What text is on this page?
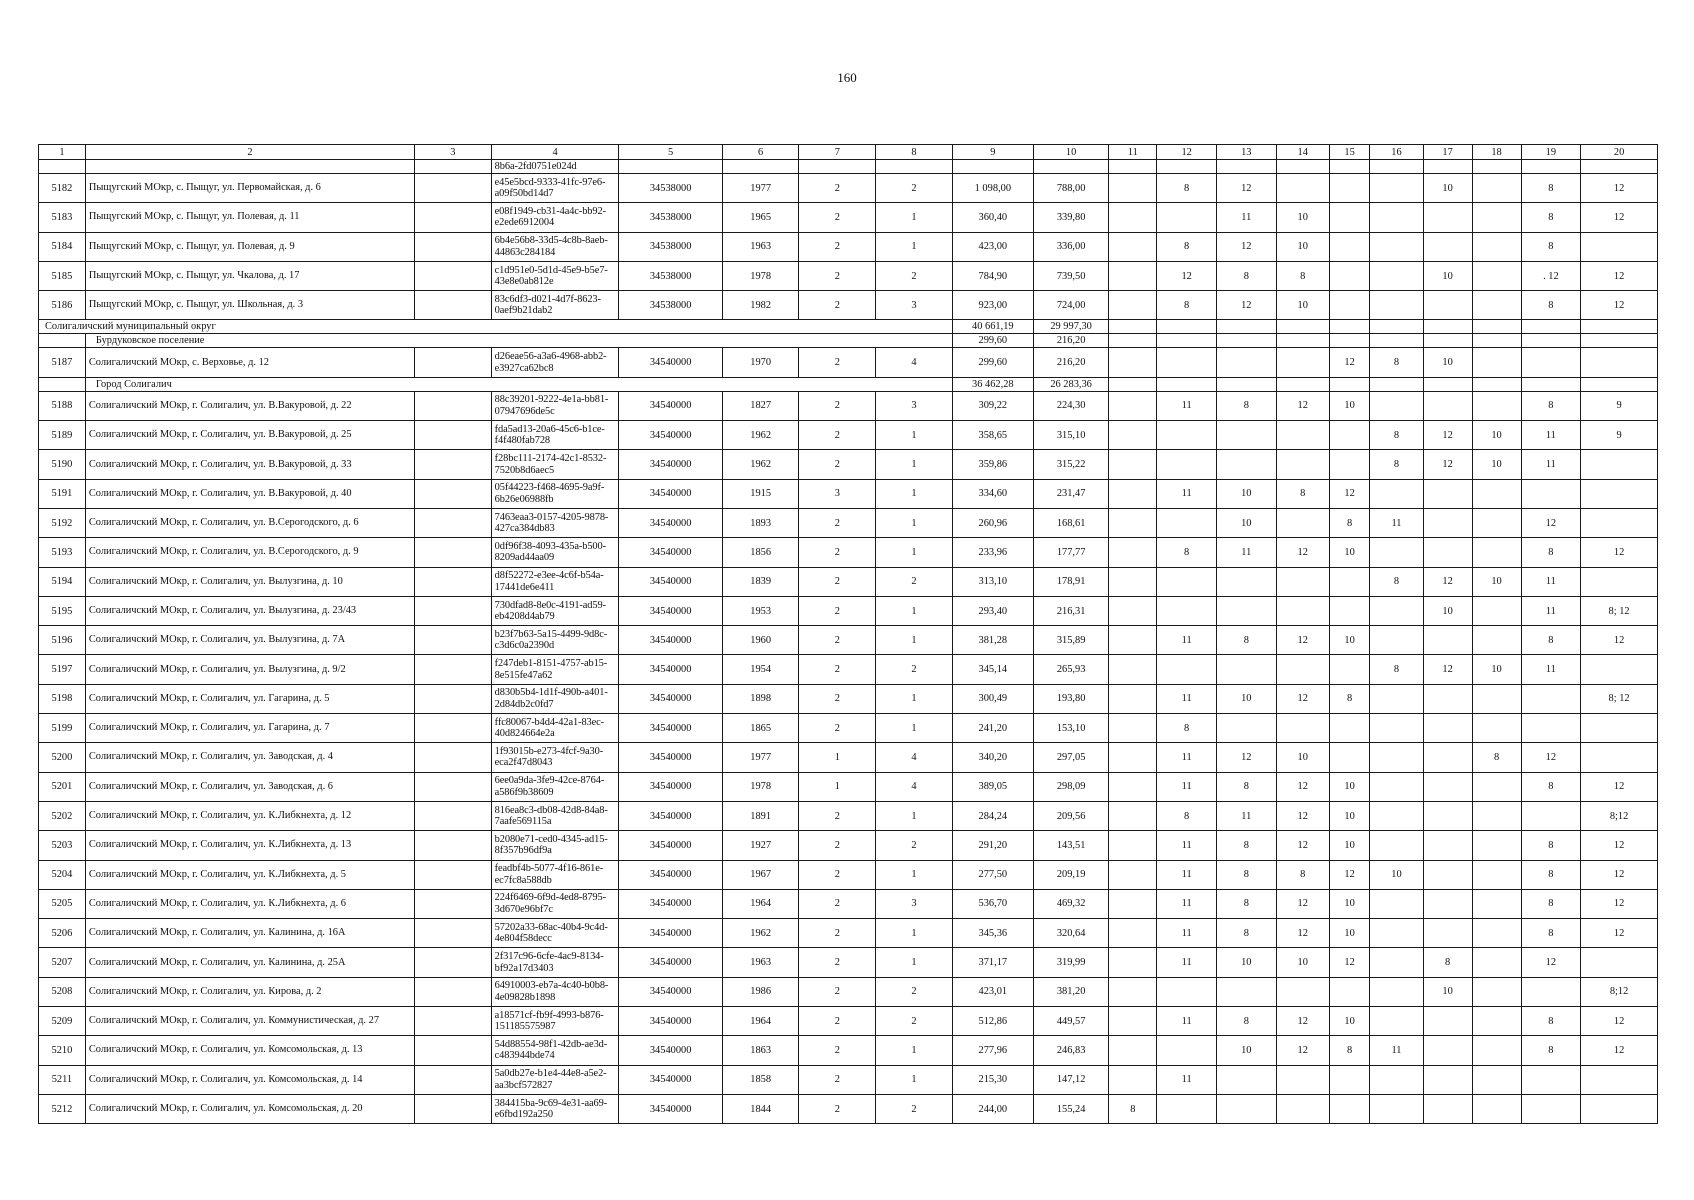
160
1	2	3	4	5	6	7	8	9	10	11	12	13	14	15	16	17	18	19	20
			8b6a-2fd0751e024d																
5182	Пыщугский МОкр, с. Пыщуг, ул. Первомайская, д. 6		e45e5bcd-9333-41fc-97e6-a09f50bd14d7	34538000	1977	2	2	1 098,00	788,00		8	12				10		8	12
5183	Пыщугский МОкр, с. Пыщуг, ул. Полевая, д. 11		e08f1949-cb31-4a4c-bb92-e2ede6912004	34538000	1965	2	1	360,40	339,80			11	10					8	12
5184	Пыщугский МОкр, с. Пыщуг, ул. Полевая, д. 9		6b4e56b8-33d5-4c8b-8aeb-44863c284184	34538000	1963	2	1	423,00	336,00		8	12	10					8	
5185	Пыщугский МОкр, с. Пыщуг, ул. Чкалова, д. 17		c1d951e0-5d1d-45e9-b5e7-43e8e0ab812e	34538000	1978	2	2	784,90	739,50		12	8	8			10		. 12	12
5186	Пыщугский МОкр, с. Пыщуг, ул. Школьная, д. 3		83c6df3-d021-4d7f-8623-0aef9b21dab2	34538000	1982	2	3	923,00	724,00		8	12	10					8	12
Солигаличский муниципальный округ								40 661,19	29 997,30										
	Бурдуковское поселение							299,60	216,20										
5187	Солигаличский МОкр, с. Верховье, д. 12		d26eae56-a3a6-4968-abb2-e3927ca62bc8	34540000	1970	2	4	299,60	216,20					12	8	10			
	Город Солигалич							36 462,28	26 283,36										
5188	Солигаличский МОкр, г. Солигалич, ул. В.Вакуровой, д. 22		88c39201-9222-4e1a-bb81-07947696de5c	34540000	1827	2	3	309,22	224,30		11	8	12	10				8	9
5189	Солигаличский МОкр, г. Солигалич, ул. В.Вакуровой, д. 25		fda5ad13-20a6-45c6-b1ce-f4f480fab728	34540000	1962	2	1	358,65	315,10						8	12	10	11	9
5190	Солигаличский МОкр, г. Солигалич, ул. В.Вакуровой, д. 33		f28bc111-2174-42c1-8532-7520b8d6aec5	34540000	1962	2	1	359,86	315,22						8	12	10	11	
5191	Солигаличский МОкр, г. Солигалич, ул. В.Вакуровой, д. 40		05f44223-f468-4695-9a9f-6b26e06988fb	34540000	1915	3	1	334,60	231,47		11	10	8	12					
5192	Солигаличский МОкр, г. Солигалич, ул. В.Серогодского, д. 6		7463eaa3-0157-4205-9878-427ca384db83	34540000	1893	2	1	260,96	168,61			10		8	11			12	
5193	Солигаличский МОкр, г. Солигалич, ул. В.Серогодского, д. 9		0df96f38-4093-435a-b500-8209ad44aa09	34540000	1856	2	1	233,96	177,77		8	11	12	10				8	12
5194	Солигаличский МОкр, г. Солигалич, ул. Вылузгина, д. 10		d8f52272-e3ee-4c6f-b54a-17441de6e411	34540000	1839	2	2	313,10	178,91						8	12	10	11	
5195	Солигаличский МОкр, г. Солигалич, ул. Вылузгина, д. 23/43		730dfad8-8e0c-4191-ad59-eb4208d4ab79	34540000	1953	2	1	293,40	216,31							10		11	8; 12
5196	Солигаличский МОкр, г. Солигалич, ул. Вылузгина, д. 7А		b23f7b63-5a15-4499-9d8c-c3d6c0a2390d	34540000	1960	2	1	381,28	315,89		11	8	12	10				8	12
5197	Солигаличский МОкр, г. Солигалич, ул. Вылузгина, д. 9/2		f247deb1-8151-4757-ab15-8e515fe47a62	34540000	1954	2	2	345,14	265,93						8	12	10	11	
5198	Солигаличский МОкр, г. Солигалич, ул. Гагарина, д. 5		d830b5b4-1d1f-490b-a401-2d84db2c0fd7	34540000	1898	2	1	300,49	193,80		11	10	12	8					8; 12
5199	Солигаличский МОкр, г. Солигалич, ул. Гагарина, д. 7		ffc80067-b4d4-42a1-83ec-40d824664e2a	34540000	1865	2	1	241,20	153,10		8								
5200	Солигаличский МОкр, г. Солигалич, ул. Заводская, д. 4		1f93015b-e273-4fcf-9a30-eca2f47d8043	34540000	1977	1	4	340,20	297,05		11	12	10				8	12	
5201	Солигаличский МОкр, г. Солигалич, ул. Заводская, д. 6		6ee0a9da-3fe9-42ce-8764-a586f9b38609	34540000	1978	1	4	389,05	298,09		11	8	12	10				8	12
5202	Солигаличский МОкр, г. Солигалич, ул. К.Либкнехта, д. 12		816ea8c3-db08-42d8-84a8-7aafe569115a	34540000	1891	2	1	284,24	209,56		8	11	12	10					8;12
5203	Солигаличский МОкр, г. Солигалич, ул. К.Либкнехта, д. 13		b2080e71-ced0-4345-ad15-8f357b96df9a	34540000	1927	2	2	291,20	143,51		11	8	12	10				8	12
5204	Солигаличский МОкр, г. Солигалич, ул. К.Либкнехта, д. 5		feadbf4b-5077-4f16-861e-ec7fc8a588db	34540000	1967	2	1	277,50	209,19		11	8	8	12	10			8	12
5205	Солигаличский МОкр, г. Солигалич, ул. К.Либкнехта, д. 6		224f6469-6f9d-4ed8-8795-3d670e96bf7c	34540000	1964	2	3	536,70	469,32		11	8	12	10				8	12
5206	Солигаличский МОкр, г. Солигалич, ул. Калинина, д. 16А		57202a33-68ac-40b4-9c4d-4e804f58decc	34540000	1962	2	1	345,36	320,64		11	8	12	10				8	12
5207	Солигаличский МОкр, г. Солигалич, ул. Калинина, д. 25А		2f317c96-6cfe-4ac9-8134-bf92a17d3403	34540000	1963	2	1	371,17	319,99		11	10	10	12		8		12	
5208	Солигаличский МОкр, г. Солигалич, ул. Кирова, д. 2		64910003-eb7a-4c40-b0b8-4e09828b1898	34540000	1986	2	2	423,01	381,20							10			8;12
5209	Солигаличский МОкр, г. Солигалич, ул. Коммунистическая, д. 27		a18571cf-fb9f-4993-b876-151185575987	34540000	1964	2	2	512,86	449,57		11	8	12	10				8	12
5210	Солигаличский МОкр, г. Солигалич, ул. Комсомольская, д. 13		54d88554-98f1-42db-ae3d-c483944bde74	34540000	1863	2	1	277,96	246,83			10	12	8	11			8	12
5211	Солигаличский МОкр, г. Солигалич, ул. Комсомольская, д. 14		5a0db27e-b1e4-44e8-a5e2-aa3bcf572827	34540000	1858	2	1	215,30	147,12		11								
5212	Солигаличский МОкр, г. Солигалич, ул. Комсомольская, д. 20		384415ba-9c69-4e31-aa69-e6fbd192a250	34540000	1844	2	2	244,00	155,24	8									
